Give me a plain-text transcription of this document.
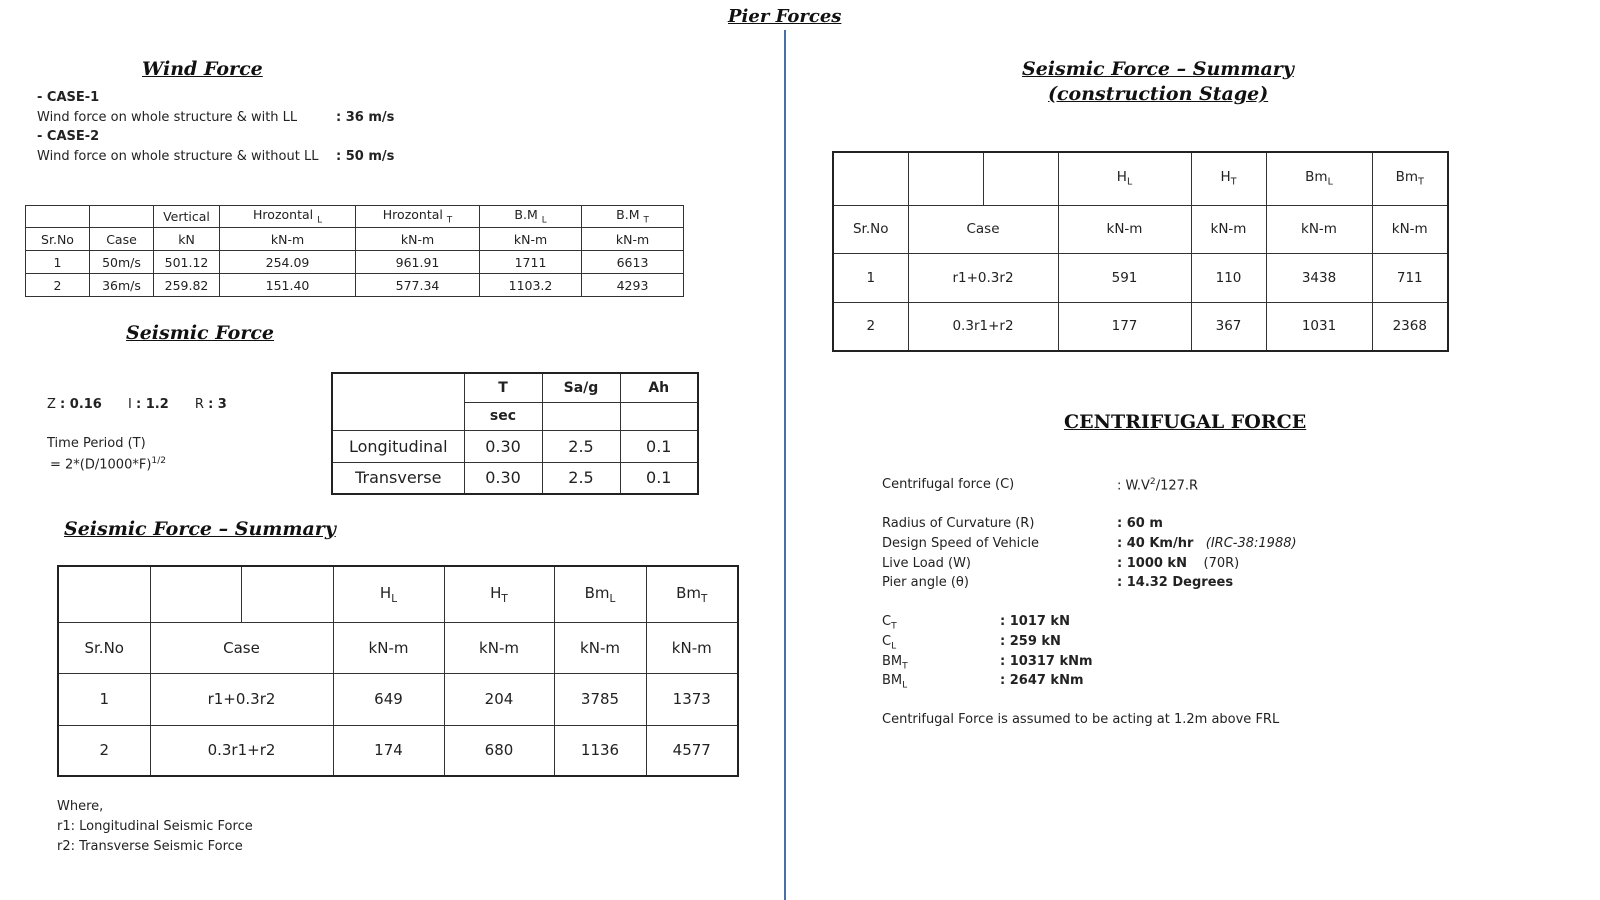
Pier Forces
Wind Force
- CASE-1
Wind force on whole structure & with LL	: 36 m/s
- CASE-2
Wind force on whole structure & without LL : 50 m/s
		Vertical	Hrozontal $_L$	Hrozontal $_T$	B.M $_L$	B.M $_T$
Sr.No	Case	kN	kN-m	kN-m	kN-m	kN-m
1	50m/s	501.12	254.09	961.91	1711	6613
2	36m/s	259.82	151.40	577.34	1103.2	4293
Seismic Force
Z : 0.16 I : 1.2 R : 3
Time Period (T)
= $2*(D/1000*F)^{1/2}$
	T	Sa/g	Ah
	sec		
Longitudinal	0.30	2.5	0.1
Transverse	0.30	2.5	0.1
Seismic Force – Summary
			$H_L$	$H_T$	$Bm_L$	$Bm_T$
Sr.No	Case		kN-m	kN-m	kN-m	kN-m
1	r1+0.3r2		649	204	3785	1373
2	0.3r1+r2		174	680	1136	4577
Where,
r1: Longitudinal Seismic Force
r2: Transverse Seismic Force
Seismic Force – Summary
(construction Stage)
			$H_L$	$H_T$	$Bm_L$	$Bm_T$
Sr.No	Case		kN-m	kN-m	kN-m	kN-m
1	r1+0.3r2		591	110	3438	711
2	0.3r1+r2		177	367	1031	2368
CENTRIFUGAL FORCE
Centrifugal force (C)	: $W.V^2/127.R$
Radius of Curvature (R)	: 60 m
Design Speed of Vehicle	: 40 Km/hr (IRC-38:1988)
Live Load (W)	: 1000 kN (70R)
Pier angle (θ)	: 14.32 Degrees
$C_T$	: 1017 kN
$C_L$	: 259 kN
$BM_T$	: 10317 kNm
$BM_L$	: 2647 kNm
Centrifugal Force is assumed to be acting at 1.2m above FRL
